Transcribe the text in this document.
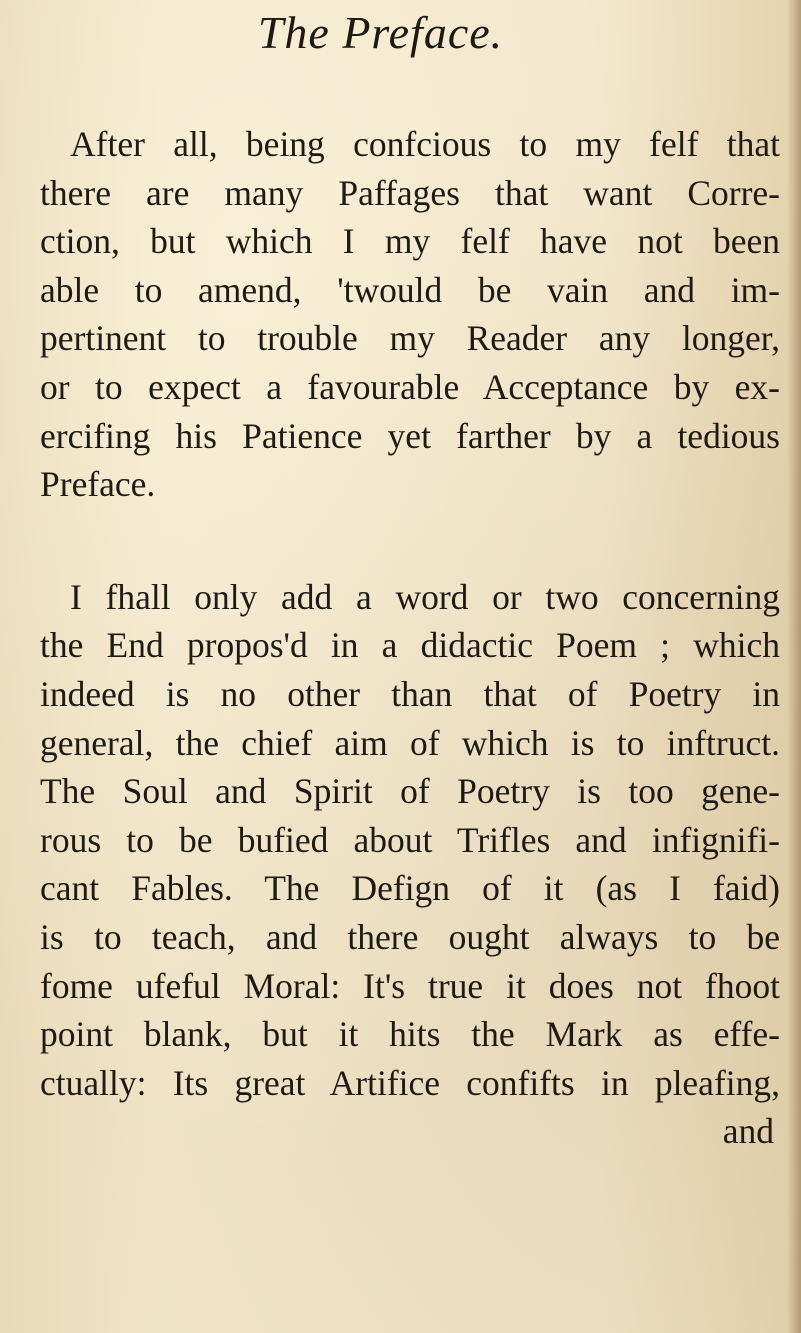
The Preface.

After all, being confcious to my felf that
there are many Paffages that want Corre-
ction, but which I my felf have not been
able to amend, 'twould be vain and im-
pertinent to trouble my Reader any longer,
or to expect a favourable Acceptance by ex-
ercifing his Patience yet farther by a tedious
Preface.

I fhall only add a word or two concerning
the End propos'd in a didactic Poem ; which
indeed is no other than that of Poetry in
general, the chief aim of which is to inftruct.
The Soul and Spirit of Poetry is too gene-
rous to be bufied about Trifles and infignifi-
cant Fables. The Defign of it (as I faid)
is to teach, and there ought always to be
fome ufeful Moral: It's true it does not fhoot
point blank, but it hits the Mark as effe-
ctually: Its great Artifice confifts in pleafing,
and
